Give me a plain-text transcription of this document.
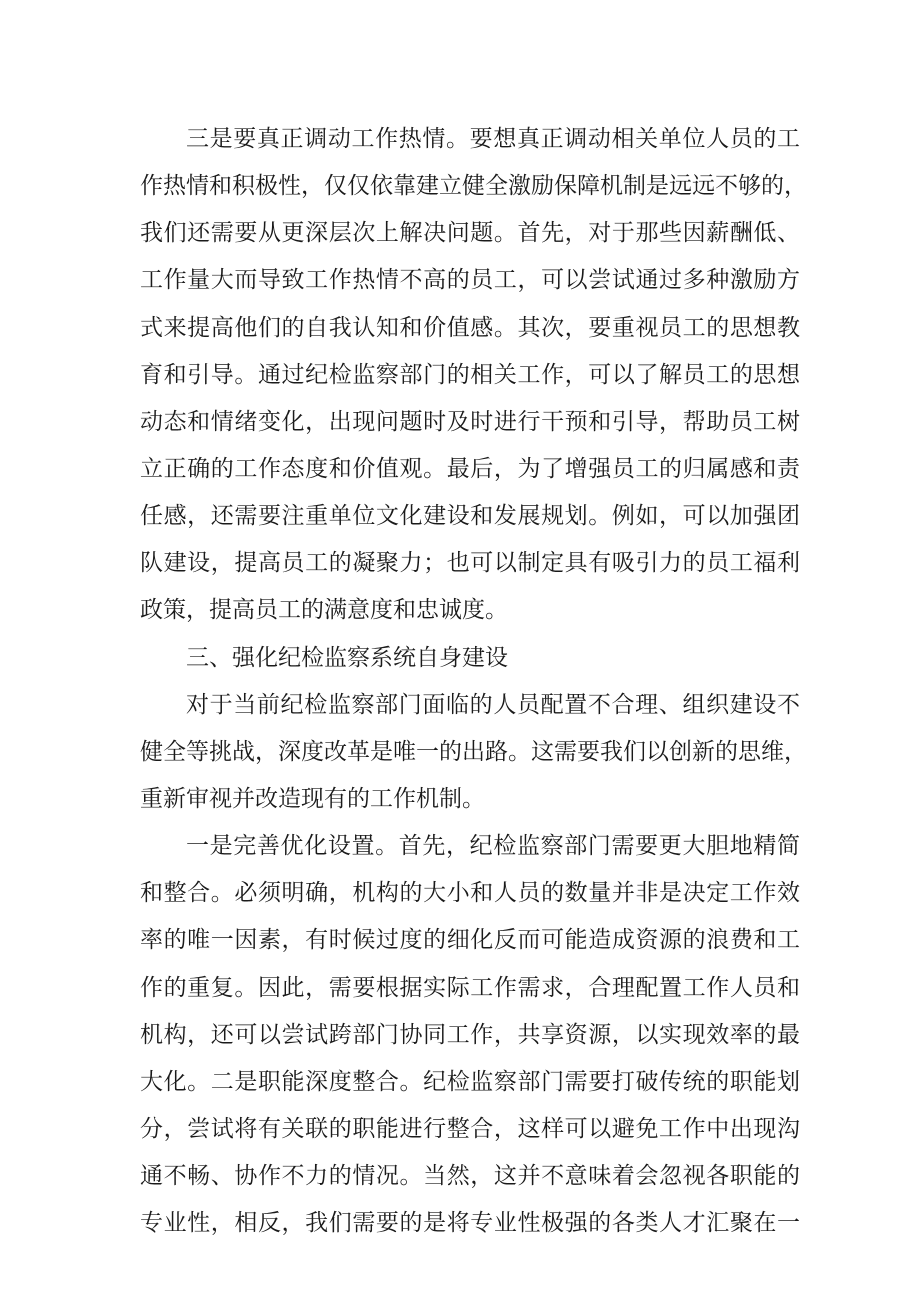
三是要真正调动工作热情。要想真正调动相关单位人员的工
作热情和积极性，仅仅依靠建立健全激励保障机制是远远不够的，
我们还需要从更深层次上解决问题。首先，对于那些因薪酬低、
工作量大而导致工作热情不高的员工，可以尝试通过多种激励方
式来提高他们的自我认知和价值感。其次，要重视员工的思想教
育和引导。通过纪检监察部门的相关工作，可以了解员工的思想
动态和情绪变化，出现问题时及时进行干预和引导，帮助员工树
立正确的工作态度和价值观。最后，为了增强员工的归属感和责
任感，还需要注重单位文化建设和发展规划。例如，可以加强团
队建设，提高员工的凝聚力；也可以制定具有吸引力的员工福利
政策，提高员工的满意度和忠诚度。
三、强化纪检监察系统自身建设
对于当前纪检监察部门面临的人员配置不合理、组织建设不
健全等挑战，深度改革是唯一的出路。这需要我们以创新的思维，
重新审视并改造现有的工作机制。
一是完善优化设置。首先，纪检监察部门需要更大胆地精简
和整合。必须明确，机构的大小和人员的数量并非是决定工作效
率的唯一因素，有时候过度的细化反而可能造成资源的浪费和工
作的重复。因此，需要根据实际工作需求，合理配置工作人员和
机构，还可以尝试跨部门协同工作，共享资源，以实现效率的最
大化。二是职能深度整合。纪检监察部门需要打破传统的职能划
分，尝试将有关联的职能进行整合，这样可以避免工作中出现沟
通不畅、协作不力的情况。当然，这并不意味着会忽视各职能的
专业性，相反，我们需要的是将专业性极强的各类人才汇聚在一
